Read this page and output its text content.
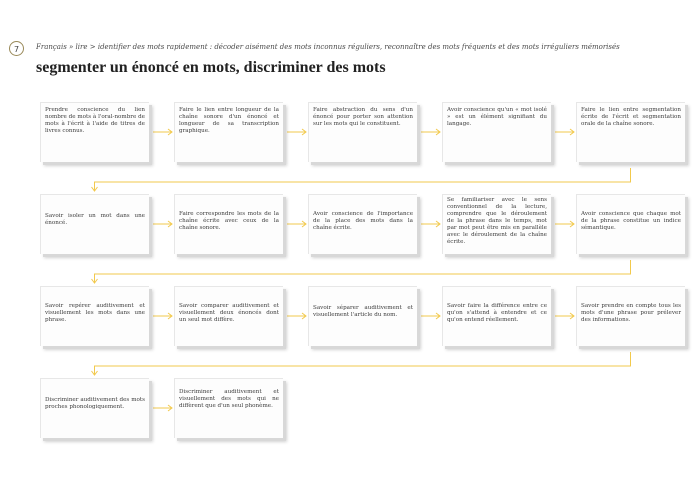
7	Français » lire > identifier des mots rapidement : décoder aisément des mots inconnus réguliers, reconnaître des mots fréquents et des mots irréguliers mémorisés
segmenter un énoncé en mots, discriminer des mots
Prendre conscience du lien nombre de mots à l'oral-nombre de mots à l'écrit à l'aide de titres de livres connus.
Faire le lien entre longueur de la chaîne sonore d'un énoncé et longueur de sa transcription graphique.
Faire abstraction du sens d'un énoncé pour porter son attention sur les mots qui le constituent.
Avoir conscience qu'un « mot isolé » est un élément signifiant du langage.
Faire le lien entre segmentation écrite de l'écrit et segmentation orale de la chaîne sonore.
Savoir isoler un mot dans une énoncé.
Faire correspondre les mots de la chaîne écrite avec ceux de la chaîne sonore.
Avoir conscience de l'importance de la place des mots dans la chaîne écrite.
Se familiariser avec le sens conventionnel de la lecture, comprendre que le déroulement de la phrase dans le temps, mot par mot peut être mis en parallèle avec le déroulement de la chaîne écrite.
Avoir conscience que chaque mot de la phrase constitue un indice sémantique.
Savoir repérer auditivement et visuellement les mots dans une phrase.
Savoir comparer auditivement et visuellement deux énoncés dont un seul mot diffère.
Savoir séparer auditivement et visuellement l'article du nom.
Savoir faire la différence entre ce qu'on s'attend à entendre et ce qu'on entend réellement.
Savoir prendre en compte tous les mots d'une phrase pour prélever des informations.
Discriminer auditivement des mots proches phonologiquement.
Discriminer auditivement et visuellement des mots qui ne diffèrent que d'un seul phonème.
